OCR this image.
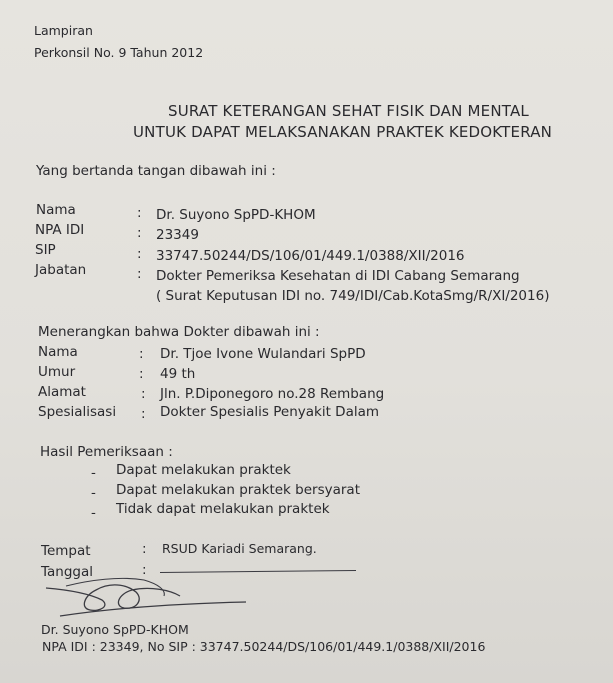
Lampiran
Perkonsil No. 9 Tahun 2012
SURAT KETERANGAN SEHAT FISIK DAN MENTAL
UNTUK DAPAT MELAKSANAKAN PRAKTEK KEDOKTERAN
Yang bertanda tangan dibawah ini :
Nama	: Dr. Suyono SpPD-KHOM
NPA IDI	: 23349
SIP	: 33747.50244/DS/106/01/449.1/0388/XII/2016
Jabatan	: Dokter Pemeriksa Kesehatan di IDI Cabang Semarang
( Surat Keputusan IDI no. 749/IDI/Cab.KotaSmg/R/XI/2016)
Menerangkan bahwa Dokter dibawah ini :
Nama	: Dr. Tjoe Ivone Wulandari SpPD
Umur	: 49 th
Alamat	: Jln. P.Diponegoro no.28 Rembang
Spesialisasi : Dokter Spesialis Penyakit Dalam
Hasil Pemeriksaan :
- Dapat melakukan praktek
- Dapat melakukan praktek bersyarat
- Tidak dapat melakukan praktek
Tempat	: RSUD Kariadi Semarang.
Tanggal	:
Dr. Suyono SpPD-KHOM
NPA IDI : 23349, No SIP : 33747.50244/DS/106/01/449.1/0388/XII/2016
